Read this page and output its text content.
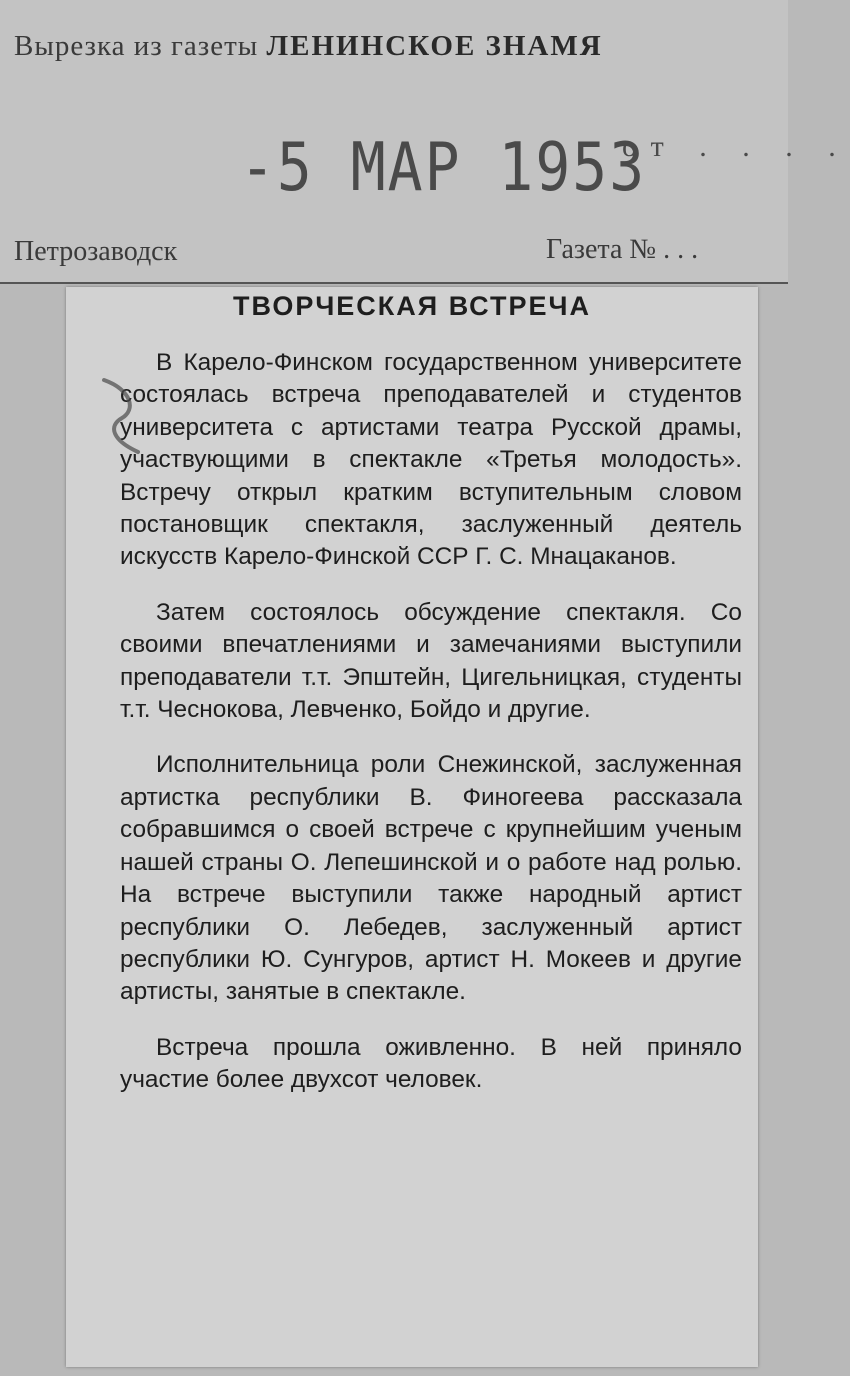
Вырезка из газеты ЛЕНИНСКОЕ ЗНАМЯ
-5 МАР 1953
от . . . .
Петрозаводск	Газета № . . .
ТВОРЧЕСКАЯ ВСТРЕЧА

В Карело-Финском государственном университете состоялась встреча преподавателей и студентов университета с артистами театра Русской драмы, участвующими в спектакле «Третья молодость». Встречу открыл кратким вступительным словом постановщик спектакля, заслуженный деятель искусств Карело-Финской ССР Г. С. Мнацаканов.

Затем состоялось обсуждение спектакля. Со своими впечатлениями и замечаниями выступили преподаватели т.т. Эпштейн, Цигельницкая, студенты т.т. Чеснокова, Левченко, Бойдо и другие.

Исполнительница роли Снежинской, заслуженная артистка республики В. Финогеева рассказала собравшимся о своей встрече с крупнейшим ученым нашей страны О. Лепешинской и о работе над ролью. На встрече выступили также народный артист республики О. Лебедев, заслуженный артист республики Ю. Сунгуров, артист Н. Мокеев и другие артисты, занятые в спектакле.

Встреча прошла оживленно. В ней приняло участие более двухсот человек.
